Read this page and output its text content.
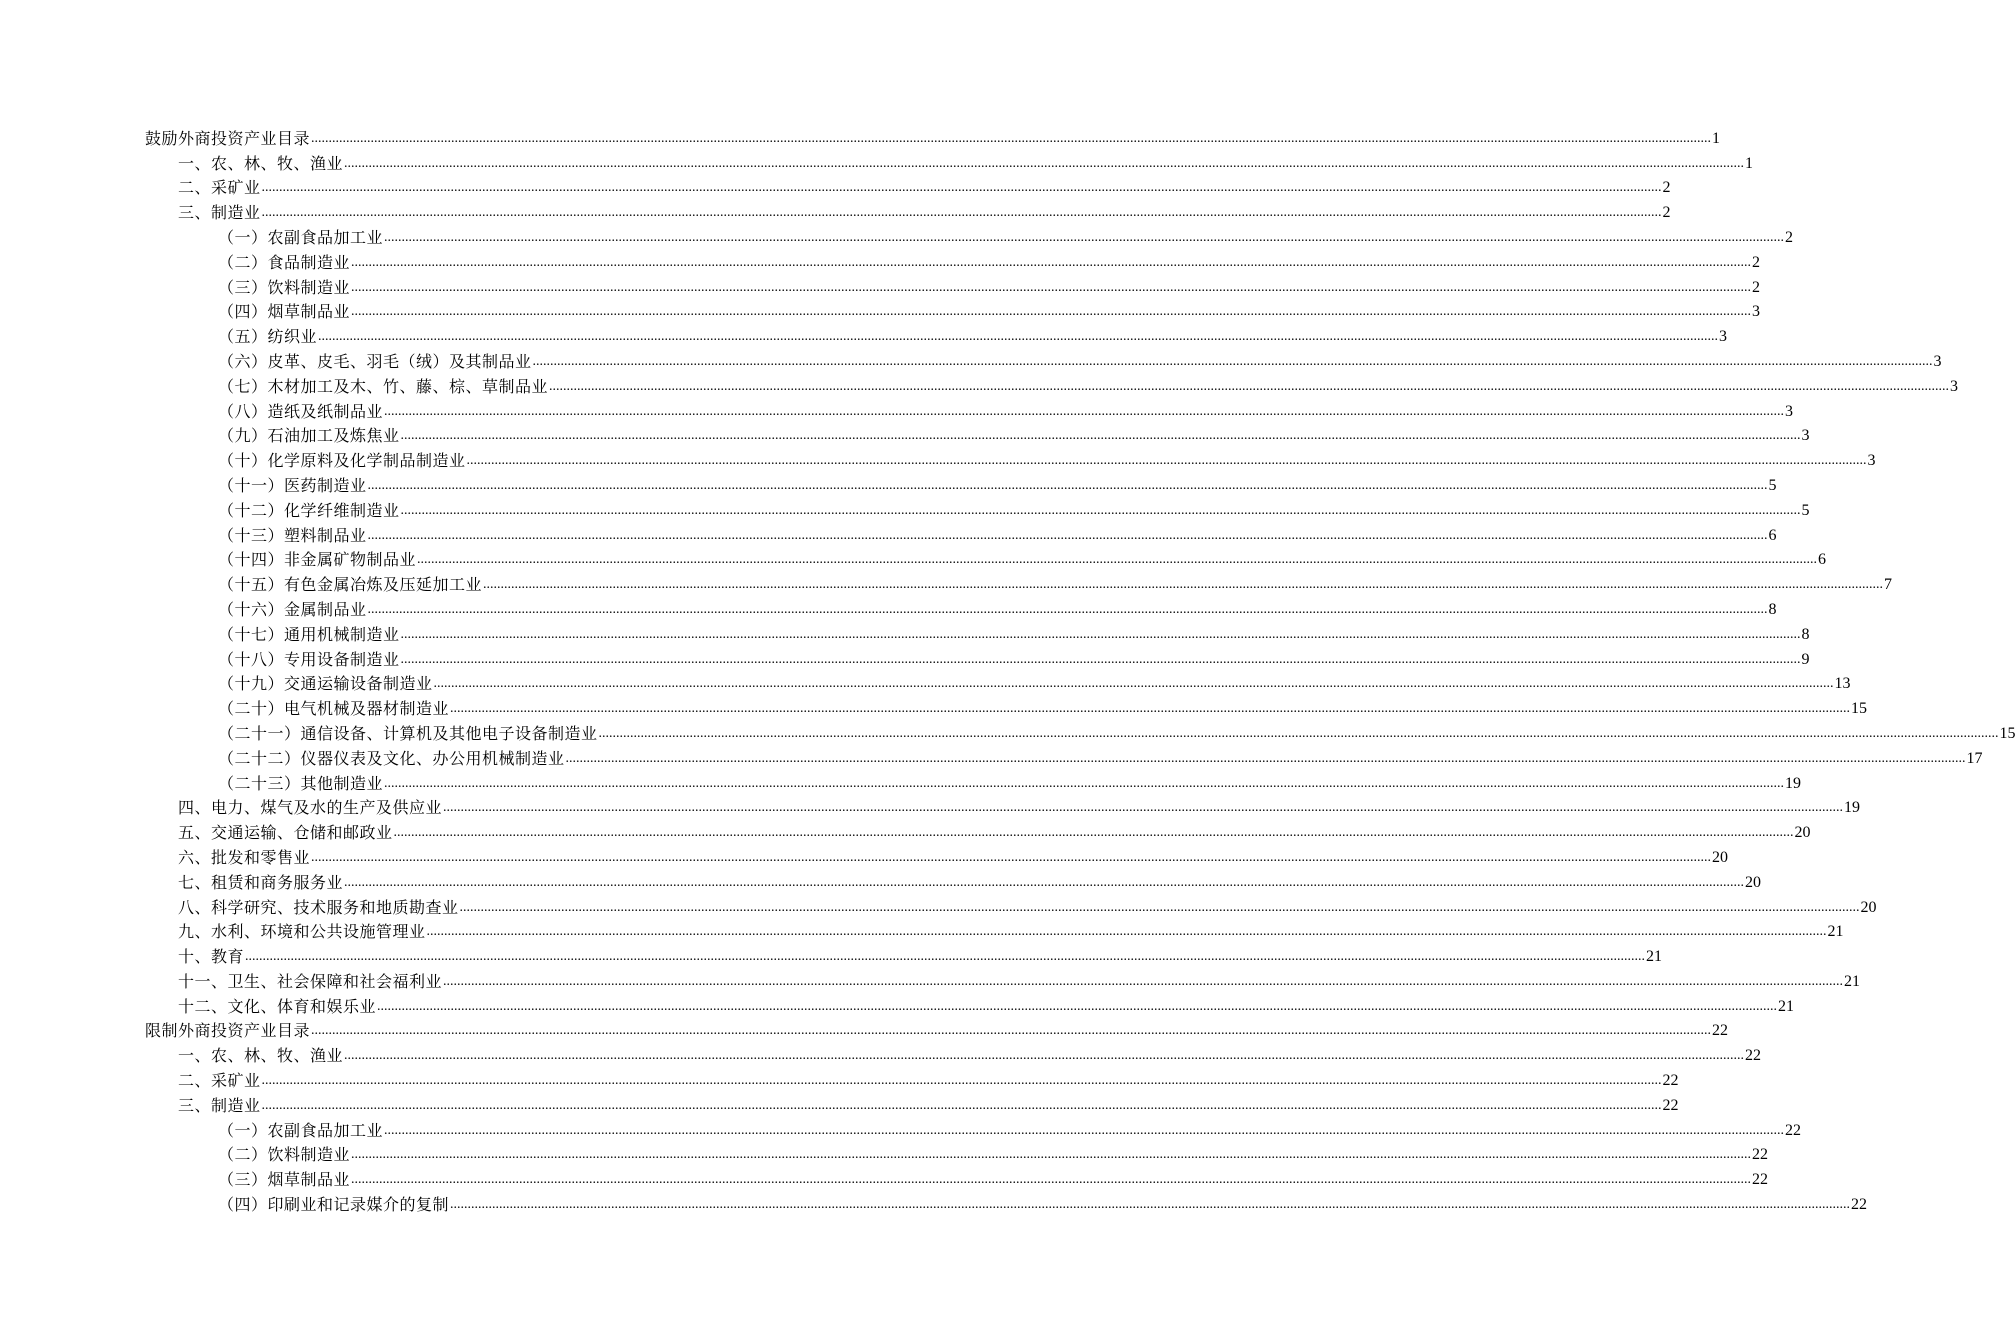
鼓励外商投资产业目录 ................................................................................................................................................................................................................................................................................................................................................................................................................ 1
一、农、林、牧、渔业 ................................................................................................................................................................................................................................................................................................................................................................................................................ 1
二、采矿业 ................................................................................................................................................................................................................................................................................................................................................................................................................ 2
三、制造业 ................................................................................................................................................................................................................................................................................................................................................................................................................ 2
（一）农副食品加工业 ................................................................................................................................................................................................................................................................................................................................................................................................................ 2
（二）食品制造业 ................................................................................................................................................................................................................................................................................................................................................................................................................ 2
（三）饮料制造业 ................................................................................................................................................................................................................................................................................................................................................................................................................ 2
（四）烟草制品业 ................................................................................................................................................................................................................................................................................................................................................................................................................ 3
（五）纺织业 ................................................................................................................................................................................................................................................................................................................................................................................................................ 3
（六）皮革、皮毛、羽毛（绒）及其制品业 ................................................................................................................................................................................................................................................................................................................................................................................................................ 3
（七）木材加工及木、竹、藤、棕、草制品业 ................................................................................................................................................................................................................................................................................................................................................................................................................ 3
（八）造纸及纸制品业 ................................................................................................................................................................................................................................................................................................................................................................................................................ 3
（九）石油加工及炼焦业 ................................................................................................................................................................................................................................................................................................................................................................................................................ 3
（十）化学原料及化学制品制造业 ................................................................................................................................................................................................................................................................................................................................................................................................................ 3
（十一）医药制造业 ................................................................................................................................................................................................................................................................................................................................................................................................................ 5
（十二）化学纤维制造业 ................................................................................................................................................................................................................................................................................................................................................................................................................ 5
（十三）塑料制品业 ................................................................................................................................................................................................................................................................................................................................................................................................................ 6
（十四）非金属矿物制品业 ................................................................................................................................................................................................................................................................................................................................................................................................................ 6
（十五）有色金属冶炼及压延加工业 ................................................................................................................................................................................................................................................................................................................................................................................................................ 7
（十六）金属制品业 ................................................................................................................................................................................................................................................................................................................................................................................................................ 8
（十七）通用机械制造业 ................................................................................................................................................................................................................................................................................................................................................................................................................ 8
（十八）专用设备制造业 ................................................................................................................................................................................................................................................................................................................................................................................................................ 9
（十九）交通运输设备制造业 ................................................................................................................................................................................................................................................................................................................................................................................................................ 13
（二十）电气机械及器材制造业 ................................................................................................................................................................................................................................................................................................................................................................................................................ 15
（二十一）通信设备、计算机及其他电子设备制造业 ................................................................................................................................................................................................................................................................................................................................................................................................................ 15
（二十二）仪器仪表及文化、办公用机械制造业 ................................................................................................................................................................................................................................................................................................................................................................................................................ 17
（二十三）其他制造业 ................................................................................................................................................................................................................................................................................................................................................................................................................ 19
四、电力、煤气及水的生产及供应业 ................................................................................................................................................................................................................................................................................................................................................................................................................ 19
五、交通运输、仓储和邮政业 ................................................................................................................................................................................................................................................................................................................................................................................................................ 20
六、批发和零售业 ................................................................................................................................................................................................................................................................................................................................................................................................................ 20
七、租赁和商务服务业 ................................................................................................................................................................................................................................................................................................................................................................................................................ 20
八、科学研究、技术服务和地质勘查业 ................................................................................................................................................................................................................................................................................................................................................................................................................ 20
九、水利、环境和公共设施管理业 ................................................................................................................................................................................................................................................................................................................................................................................................................ 21
十、教育 ................................................................................................................................................................................................................................................................................................................................................................................................................ 21
十一、卫生、社会保障和社会福利业 ................................................................................................................................................................................................................................................................................................................................................................................................................ 21
十二、文化、体育和娱乐业 ................................................................................................................................................................................................................................................................................................................................................................................................................ 21
限制外商投资产业目录 ................................................................................................................................................................................................................................................................................................................................................................................................................ 22
一、农、林、牧、渔业 ................................................................................................................................................................................................................................................................................................................................................................................................................ 22
二、采矿业 ................................................................................................................................................................................................................................................................................................................................................................................................................ 22
三、制造业 ................................................................................................................................................................................................................................................................................................................................................................................................................ 22
（一）农副食品加工业 ................................................................................................................................................................................................................................................................................................................................................................................................................ 22
（二）饮料制造业 ................................................................................................................................................................................................................................................................................................................................................................................................................ 22
（三）烟草制品业 ................................................................................................................................................................................................................................................................................................................................................................................................................ 22
（四）印刷业和记录媒介的复制 ................................................................................................................................................................................................................................................................................................................................................................................................................ 22
